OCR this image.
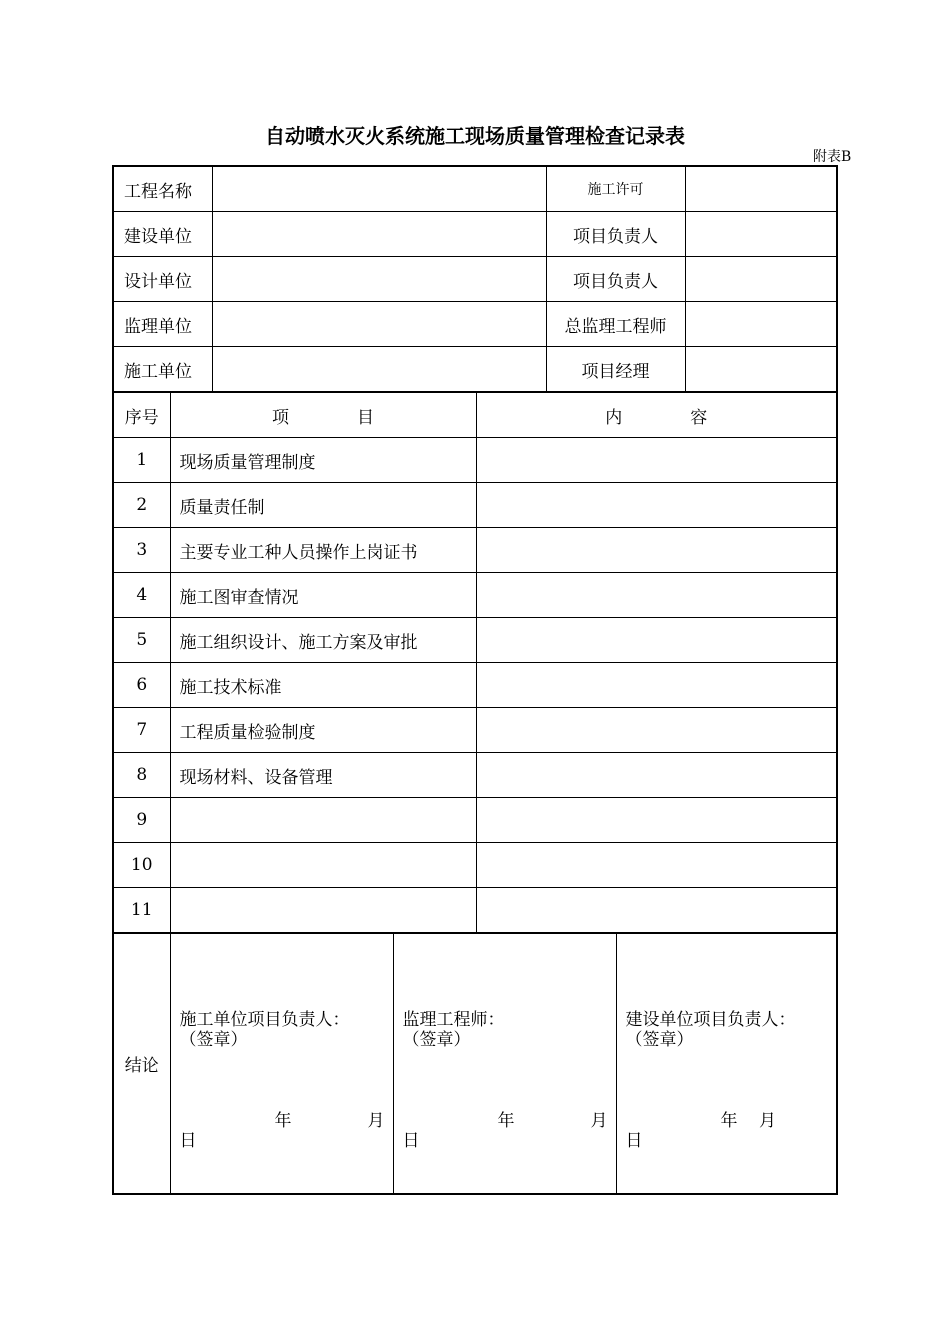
自动喷水灭火系统施工现场质量管理检查记录表
附表B
工程名称		施工许可	
建设单位		项目负责人	
设计单位		项目负责人	
监理单位		总监理工程师	
施工单位		项目经理	
序号	项　　　　目	内　　　　容
1	现场质量管理制度	
2	质量责任制	
3	主要专业工种人员操作上岗证书	
4	施工图审查情况	
5	施工组织设计、施工方案及审批	
6	施工技术标准	
7	工程质量检验制度	
8	现场材料、设备管理	
9		
10		
11		
结论	
施工单位项目负责人：
（签章）
年	月
日

监理工程师：
（签章）
年	月
日

建设单位项目负责人：
（签章）
年 月
日
